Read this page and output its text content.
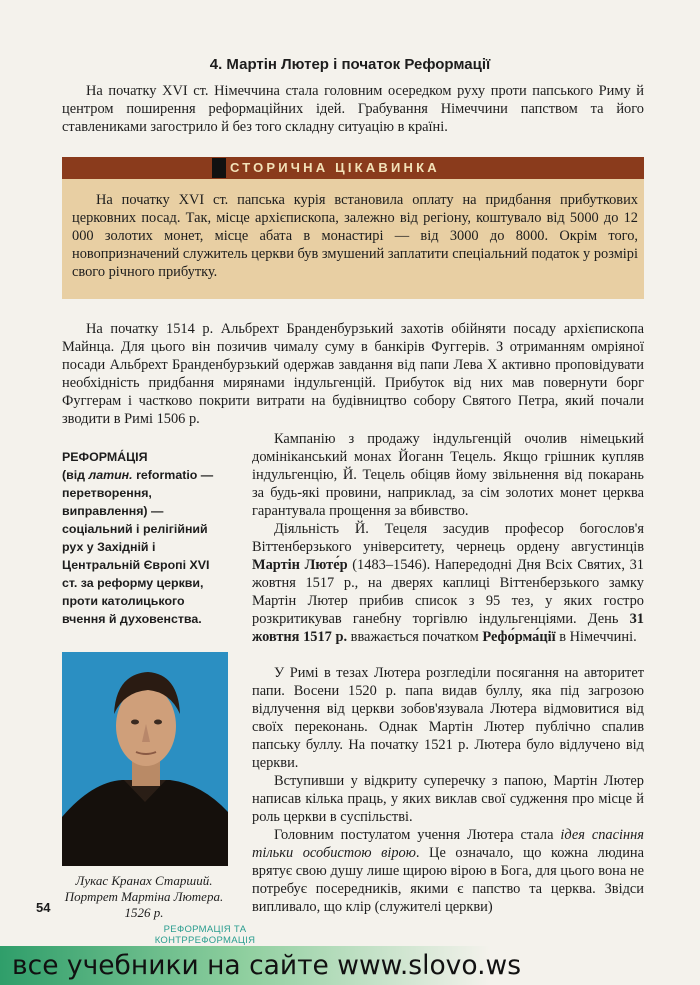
4. Мартін Лютер і початок Реформації

На початку XVI ст. Німеччина стала головним осередком руху проти папського Риму й центром поширення реформаційних ідей. Грабування Німеччини папством та його ставлениками загострило й без того складну ситуацію в країні.

СТОРИЧНА ЦІКАВИНКА

На початку XVI ст. папська курія встановила оплату на придбання прибуткових церковних посад. Так, місце архієпископа, залежно від регіону, коштувало від 5000 до 12 000 золотих монет, місце абата в монастирі — від 3000 до 8000. Окрім того, новопризначений служитель церкви був змушений заплатити спеціальний податок у розмірі свого річного прибутку.

На початку 1514 р. Альбрехт Бранденбурзький захотів обійняти посаду архієпископа Майнца. Для цього він позичив чималу суму в банкірів Фуггерів. З отриманням омріяної посади Альбрехт Бранденбурзький одержав завдання від папи Лева X активно проповідувати необхідність придбання мирянами індульгенцій. Прибуток від них мав повернути борг Фуггерам і частково покрити витрати на будівництво собору Святого Петра, який почали зводити в Римі 1506 р.

РЕФОРМА́ЦІЯ
(від латин. reformatio — перетворення, виправлення) — соціальний і релігійний рух у Західній і Центральній Європі XVI ст. за реформу церкви, проти католицького вчення й духовенства.

Лукас Кранах Старший. Портрет Мартіна Лютера. 1526 р.

Кампанію з продажу індульгенцій очолив німецький домініканський монах Йоганн Тецель. Якщо грішник купляв індульгенцію, Й. Тецель обіцяв йому звільнення від покарань за будь-які провини, наприклад, за сім золотих монет церква гарантувала прощення за вбивство.

Діяльність Й. Тецеля засудив професор богослов'я Віттенберзького університету, чернець ордену августинців Мартін Люте́р (1483–1546). Напередодні Дня Всіх Святих, 31 жовтня 1517 р., на дверях каплиці Віттенберзького замку Мартін Лютер прибив список з 95 тез, у яких гостро розкритикував ганебну торгівлю індульгенціями. День 31 жовтня 1517 р. вважається початком Рефо́рма́ції в Німеччині.

У Римі в тезах Лютера розгледіли посягання на авторитет папи. Восени 1520 р. папа видав буллу, яка під загрозою відлучення від церкви зобов'язувала Лютера відмовитися від своїх переконань. Однак Мартін Лютер публічно спалив папську буллу. На початку 1521 р. Лютера було відлучено від церкви.

Вступивши у відкриту суперечку з папою, Мартін Лютер написав кілька праць, у яких виклав свої судження про місце й роль церкви в суспільстві.

Головним постулатом учення Лютера стала ідея спасіння тільки особистою вірою. Це означало, що кожна людина врятує свою душу лише щирою вірою в Бога, для цього вона не потребує посередників, якими є папство та церква. Звідси випливало, що клір (служителі церкви)

54
РЕФОРМАЦІЯ ТА КОНТРРЕФОРМАЦІЯ
все учебники на сайте www.slovo.ws
